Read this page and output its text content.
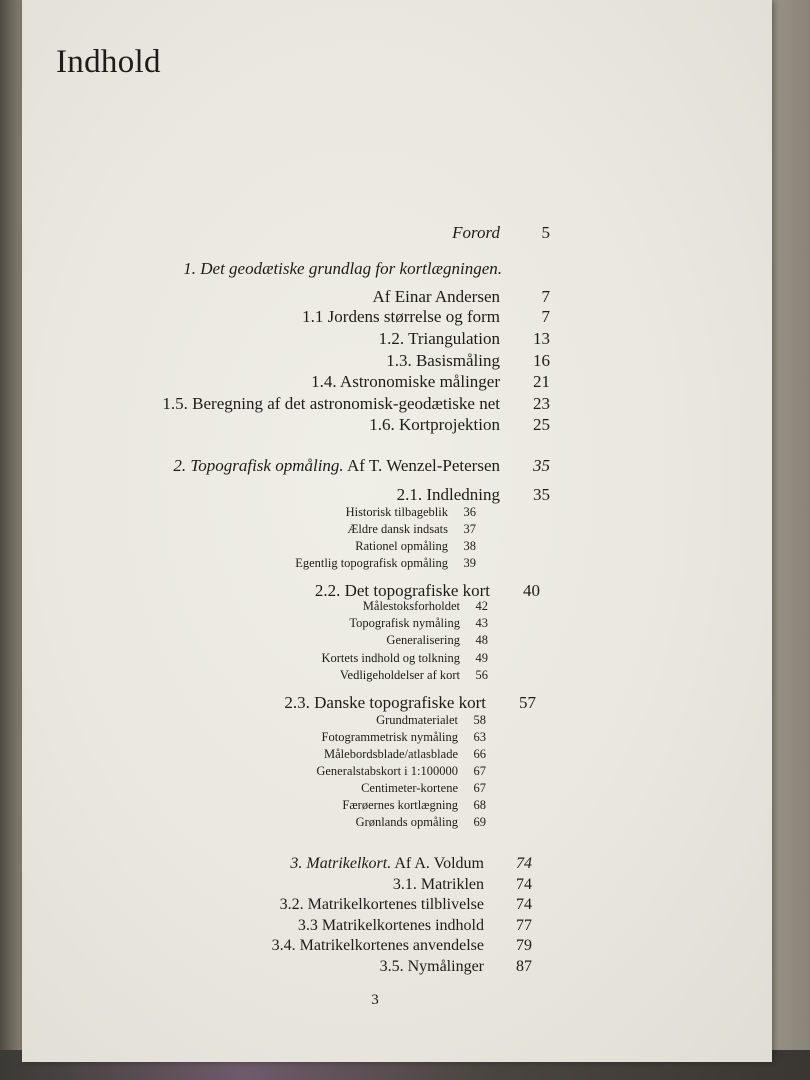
Indhold
Forord	5
1. Det geodætiske grundlag for kortlægningen.
Af Einar Andersen	7
1.1 Jordens størrelse og form	7
1.2. Triangulation	13
1.3. Basismåling	16
1.4. Astronomiske målinger	21
1.5. Beregning af det astronomisk-geodætiske net	23
1.6. Kortprojektion	25
2. Topografisk opmåling. Af T. Wenzel-Petersen	35
2.1. Indledning	35
Historisk tilbageblik	36
Ældre dansk indsats	37
Rationel opmåling	38
Egentlig topografisk opmåling	39
2.2. Det topografiske kort	40
Målestoksforholdet	42
Topografisk nymåling	43
Generalisering	48
Kortets indhold og tolkning	49
Vedligeholdelser af kort	56
2.3. Danske topografiske kort	57
Grundmaterialet	58
Fotogrammetrisk nymåling	63
Målebordsblade/atlasblade	66
Generalstabskort i 1:100000	67
Centimeter-kortene	67
Færøernes kortlægning	68
Grønlands opmåling	69
3. Matrikelkort. Af A. Voldum	74
3.1. Matriklen	74
3.2. Matrikelkortenes tilblivelse	74
3.3 Matrikelkortenes indhold	77
3.4. Matrikelkortenes anvendelse	79
3.5. Nymålinger	87
3
